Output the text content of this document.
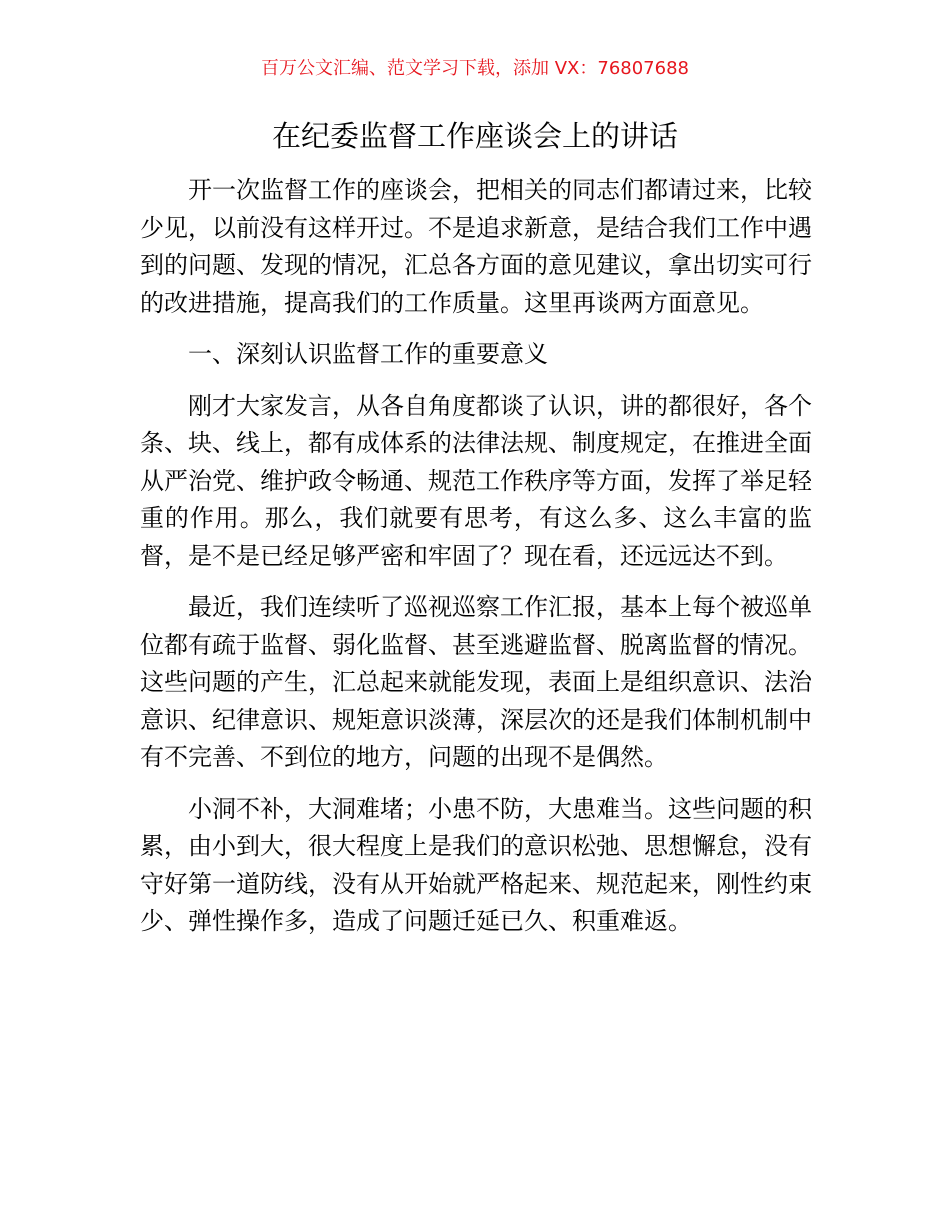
百万公文汇编、范文学习下载，添加 VX：76807688
在纪委监督工作座谈会上的讲话

开一次监督工作的座谈会，把相关的同志们都请过来，比较少见，以前没有这样开过。不是追求新意，是结合我们工作中遇到的问题、发现的情况，汇总各方面的意见建议，拿出切实可行的改进措施，提高我们的工作质量。这里再谈两方面意见。

一、深刻认识监督工作的重要意义

刚才大家发言，从各自角度都谈了认识，讲的都很好，各个条、块、线上，都有成体系的法律法规、制度规定，在推进全面从严治党、维护政令畅通、规范工作秩序等方面，发挥了举足轻重的作用。那么，我们就要有思考，有这么多、这么丰富的监督，是不是已经足够严密和牢固了？现在看，还远远达不到。

最近，我们连续听了巡视巡察工作汇报，基本上每个被巡单位都有疏于监督、弱化监督、甚至逃避监督、脱离监督的情况。这些问题的产生，汇总起来就能发现，表面上是组织意识、法治意识、纪律意识、规矩意识淡薄，深层次的还是我们体制机制中有不完善、不到位的地方，问题的出现不是偶然。

小洞不补，大洞难堵；小患不防，大患难当。这些问题的积累，由小到大，很大程度上是我们的意识松弛、思想懈怠，没有守好第一道防线，没有从开始就严格起来、规范起来，刚性约束少、弹性操作多，造成了问题迁延已久、积重难返。
